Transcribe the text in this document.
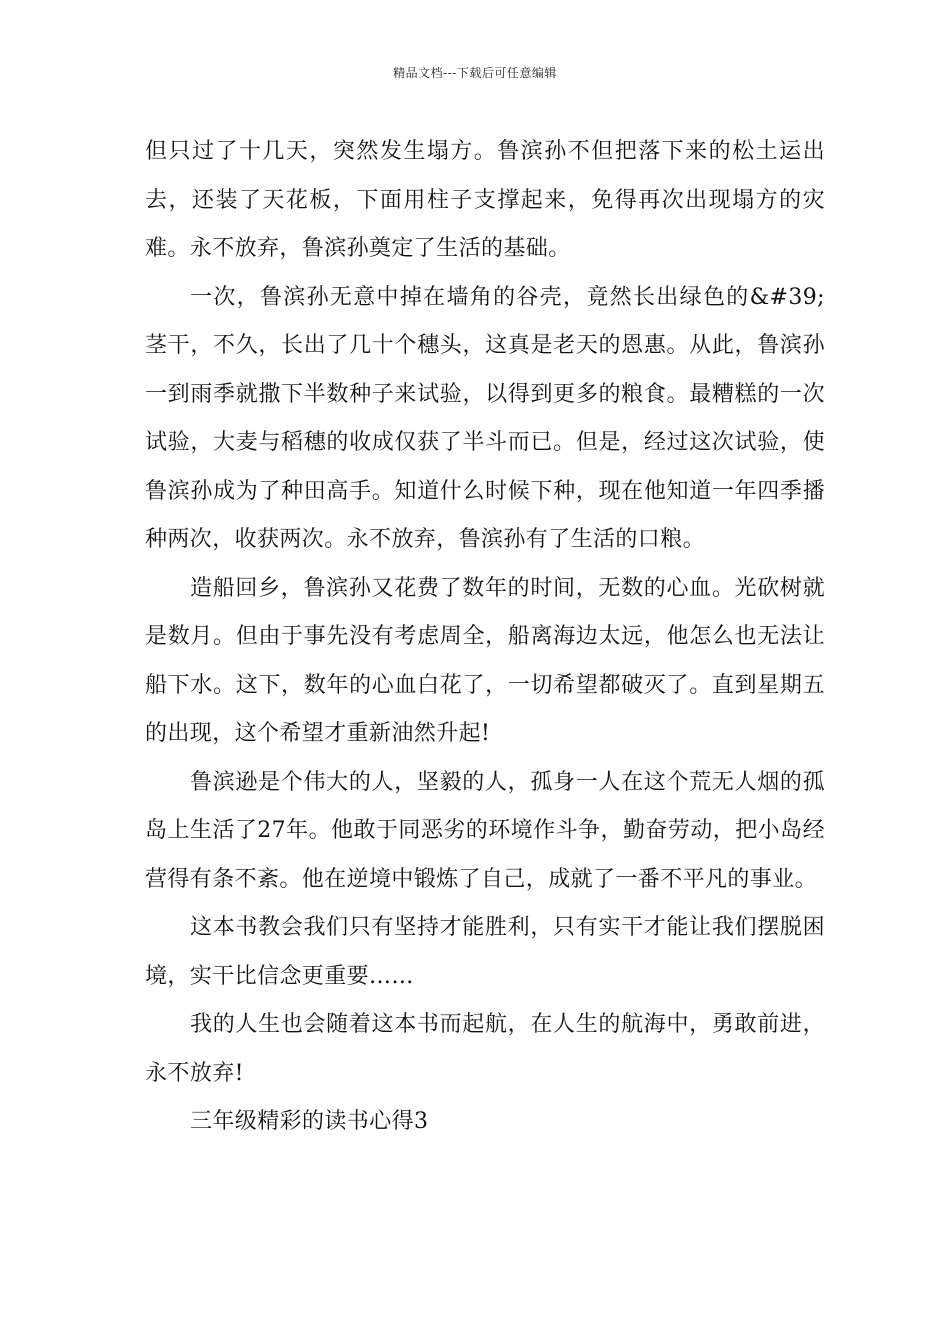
精品文档---下载后可任意编辑

但只过了十几天，突然发生塌方。鲁滨孙不但把落下来的松土运出去，还装了天花板，下面用柱子支撑起来，免得再次出现塌方的灾难。永不放弃，鲁滨孙奠定了生活的基础。

一次，鲁滨孙无意中掉在墙角的谷壳，竟然长出绿色的&#39;茎干，不久，长出了几十个穗头，这真是老天的恩惠。从此，鲁滨孙一到雨季就撒下半数种子来试验，以得到更多的粮食。最糟糕的一次试验，大麦与稻穗的收成仅获了半斗而已。但是，经过这次试验，使鲁滨孙成为了种田高手。知道什么时候下种，现在他知道一年四季播种两次，收获两次。永不放弃，鲁滨孙有了生活的口粮。

造船回乡，鲁滨孙又花费了数年的时间，无数的心血。光砍树就是数月。但由于事先没有考虑周全，船离海边太远，他怎么也无法让船下水。这下，数年的心血白花了，一切希望都破灭了。直到星期五的出现，这个希望才重新油然升起!

鲁滨逊是个伟大的人，坚毅的人，孤身一人在这个荒无人烟的孤岛上生活了27年。他敢于同恶劣的环境作斗争，勤奋劳动，把小岛经营得有条不紊。他在逆境中锻炼了自己，成就了一番不平凡的事业。

这本书教会我们只有坚持才能胜利，只有实干才能让我们摆脱困境，实干比信念更重要……

我的人生也会随着这本书而起航，在人生的航海中，勇敢前进，永不放弃!

三年级精彩的读书心得3
